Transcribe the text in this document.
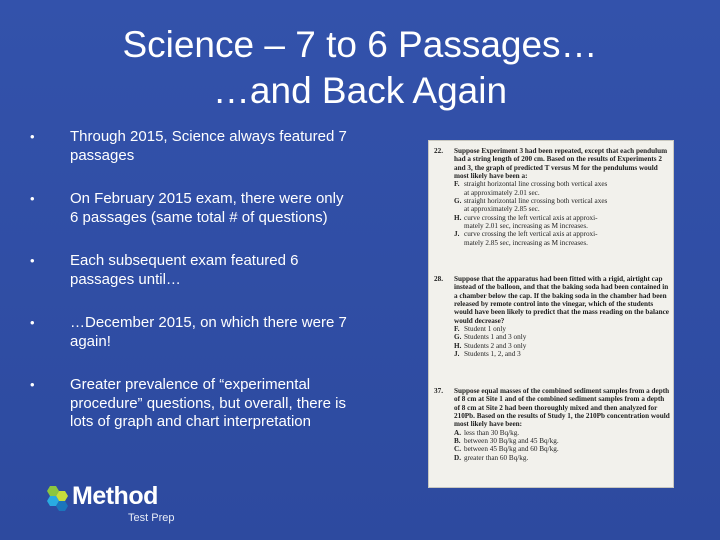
Science – 7 to 6 Passages…
…and Back Again
• Through 2015, Science always featured 7 passages
• On February 2015 exam, there were only 6 passages (same total # of questions)
• Each subsequent exam featured 6 passages until…
• …December 2015, on which there were 7 again!
• Greater prevalence of “experimental procedure” questions, but overall, there is lots of graph and chart interpretation
22. Suppose Experiment 3 had been repeated, except that each pendulum had a string length of 200 cm. Based on the results of Experiments 2 and 3, the graph of predicted T versus M for the pendulums would most likely have been a:
F. straight horizontal line crossing both vertical axes
at approximately 2.01 sec.
G. straight horizontal line crossing both vertical axes
at approximately 2.85 sec.
H. curve crossing the left vertical axis at approxi-
mately 2.01 sec, increasing as M increases.
J. curve crossing the left vertical axis at approxi-
mately 2.85 sec, increasing as M increases.
28. Suppose that the apparatus had been fitted with a rigid, airtight cap instead of the balloon, and that the baking soda had been contained in a chamber below the cap. If the baking soda in the chamber had been released by remote control into the vinegar, which of the students would have been likely to predict that the mass reading on the balance would decrease?
F. Student 1 only
G. Students 1 and 3 only
H. Students 2 and 3 only
J. Students 1, 2, and 3
37. Suppose equal masses of the combined sediment samples from a depth of 8 cm at Site 1 and of the combined sediment samples from a depth of 8 cm at Site 2 had been thoroughly mixed and then analyzed for 210Pb. Based on the results of Study 1, the 210Pb concentration would most likely have been:
A. less than 30 Bq/kg.
B. between 30 Bq/kg and 45 Bq/kg.
C. between 45 Bq/kg and 60 Bq/kg.
D. greater than 60 Bq/kg.
Method
Test Prep
